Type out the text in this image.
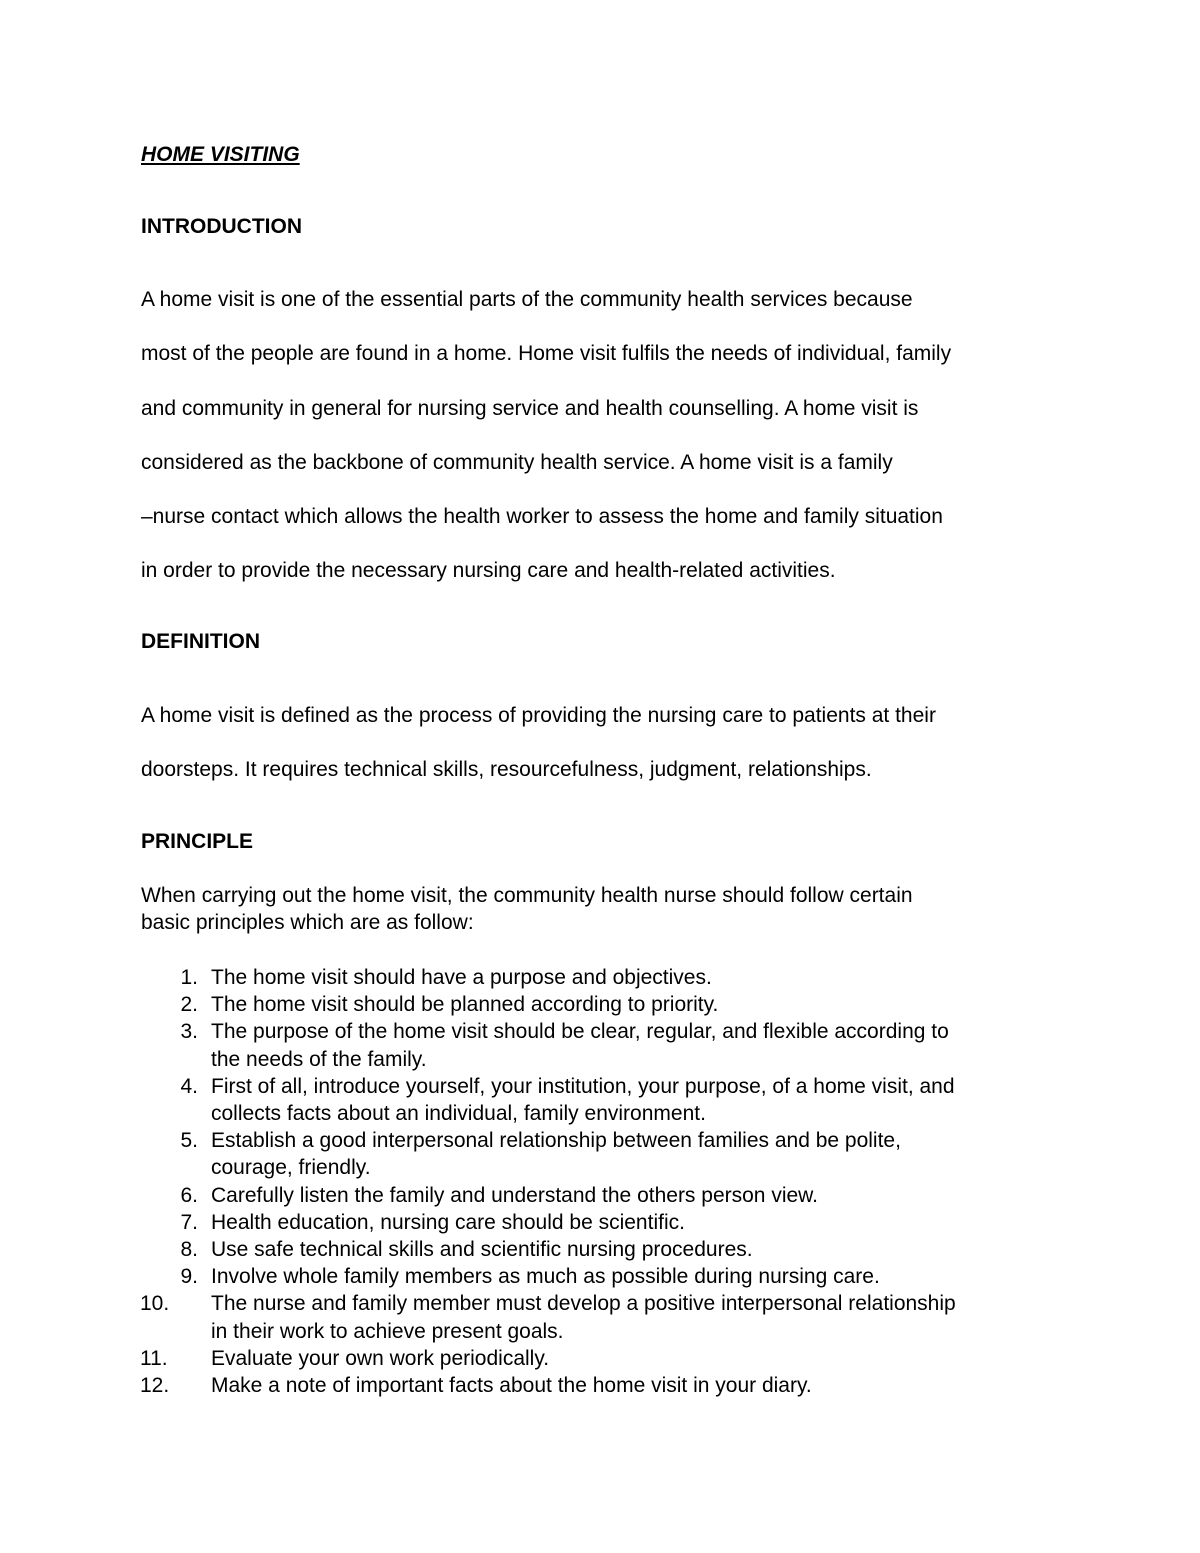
HOME VISITING

INTRODUCTION

A home visit is one of the essential parts of the community health services because
most of the people are found in a home. Home visit fulfils the needs of individual, family
and community in general for nursing service and health counselling. A home visit is
considered as the backbone of community health service. A home visit is a family
–nurse contact which allows the health worker to assess the home and family situation
in order to provide the necessary nursing care and health-related activities.

DEFINITION

A home visit is defined as the process of providing the nursing care to patients at their
doorsteps. It requires technical skills, resourcefulness, judgment, relationships.

PRINCIPLE

When carrying out the home visit, the community health nurse should follow certain
basic principles which are as follow:

1. The home visit should have a purpose and objectives.
2. The home visit should be planned according to priority.
3. The purpose of the home visit should be clear, regular, and flexible according to
the needs of the family.
4. First of all, introduce yourself, your institution, your purpose, of a home visit, and
collects facts about an individual, family environment.
5. Establish a good interpersonal relationship between families and be polite,
courage, friendly.
6. Carefully listen the family and understand the others person view.
7. Health education, nursing care should be scientific.
8. Use safe technical skills and scientific nursing procedures.
9. Involve whole family members as much as possible during nursing care.
10.	The nurse and family member must develop a positive interpersonal relationship
in their work to achieve present goals.
11.	Evaluate your own work periodically.
12.	Make a note of important facts about the home visit in your diary.
